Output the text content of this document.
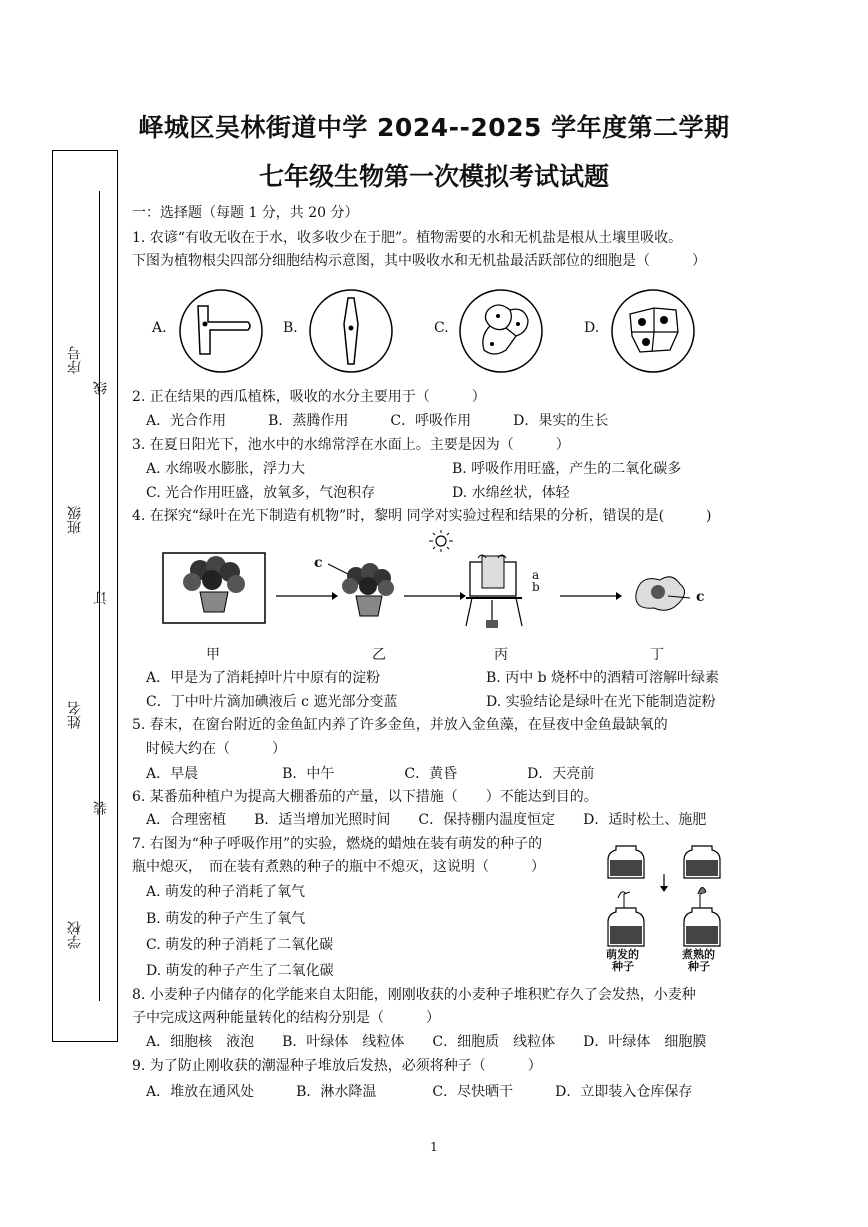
峄城区吴林街道中学 2024--2025 学年度第二学期
七年级生物第一次模拟考试试题
学校
装
姓名
订
班级
线
序号
一：选择题（每题 1 分，共 20 分）
1. 农谚“有收无收在于水，收多收少在于肥”。植物需要的水和无机盐是根从土壤里吸收。
下图为植物根尖四部分细胞结构示意图，其中吸收水和无机盐最活跃部位的细胞是（　　　）
A.	B.	C.	D.
2. 正在结果的西瓜植株，吸收的水分主要用于（　　　）
A．光合作用　　　B．蒸腾作用　　　C．呼吸作用　　　D．果实的生长
3. 在夏日阳光下，池水中的水绵常浮在水面上。主要是因为（　　　）
A. 水绵吸水膨胀，浮力大	B. 呼吸作用旺盛，产生的二氧化碳多
C. 光合作用旺盛，放氧多，气泡积存	D. 水绵丝状，体轻
4. 在探究“绿叶在光下制造有机物”时，黎明 同学对实验过程和结果的分析，错误的是(　　　)
c
a
b
c
甲	乙	丙	丁
A．甲是为了消耗掉叶片中原有的淀粉	B. 丙中 b 烧杯中的酒精可溶解叶绿素
C．丁中叶片滴加碘液后 c 遮光部分变蓝	D. 实验结论是绿叶在光下能制造淀粉
5. 春末，在窗台附近的金鱼缸内养了许多金鱼，并放入金鱼藻，在昼夜中金鱼最缺氧的
时候大约在（　　　）
A．早晨　　　　　　B．中午　　　　　C．黄昏　　　　　D．天亮前
6. 某番茄种植户为提高大棚番茄的产量，以下措施（　　）不能达到目的。
A．合理密植　　B．适当增加光照时间　　C．保持棚内温度恒定　　D．适时松土、施肥
7. 右图为“种子呼吸作用”的实验，燃烧的蜡烛在装有萌发的种子的
瓶中熄灭，　而在装有煮熟的种子的瓶中不熄灭，这说明（　　　）
A. 萌发的种子消耗了氧气
B. 萌发的种子产生了氧气
C. 萌发的种子消耗了二氧化碳
D. 萌发的种子产生了二氧化碳
萌发的
种子
煮熟的
种子
8. 小麦种子内储存的化学能来自太阳能，刚刚收获的小麦种子堆积贮存久了会发热，小麦种
子中完成这两种能量转化的结构分别是（　　　）
A．细胞核　液泡　　B．叶绿体　线粒体　　C．细胞质　线粒体　　D．叶绿体　细胞膜
9. 为了防止刚收获的潮湿种子堆放后发热，必须将种子（　　　）
A．堆放在通风处　　　B．淋水降温　　　　C．尽快晒干　　　D．立即装入仓库保存
1
